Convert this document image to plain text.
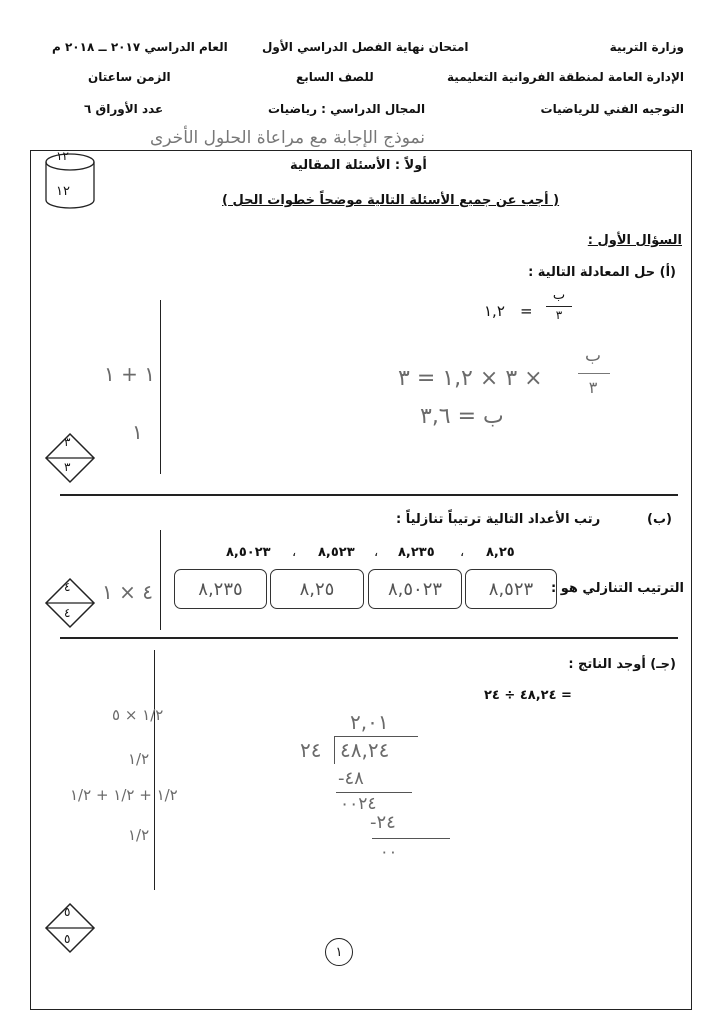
وزارة التربية
امتحان نهاية الفصل الدراسي الأول
العام الدراسي ٢٠١٧ ــ ٢٠١٨ م
الإدارة العامة لمنطقة الفروانية التعليمية
للصف السابع
الزمن ساعتان
التوجيه الفني للرياضيات
المجال الدراسي : رياضيات
عدد الأوراق ٦
نموذج الإجابة مع مراعاة الحلول الأخرى
أولاً : الأسئلة المقالية
( أجب عن جميع الأسئلة التالية موضحاً خطوات الحل )
١٢
١٢
السؤال الأول :
(أ) حل المعادلة التالية :
١,٢ =
ب
٣
٣ × ١,٢ = ٣ ×
ب
٣
ب = ٣,٦
١ + ١
١
٣
٣
(ب)
رتب الأعداد التالية ترتيباً تنازلياً :
٨,٢٥
،
٨,٢٣٥
،
٨,٥٢٣
،
٨,٥٠٢٣
الترتيب التنازلي هو :
٨,٥٢٣
٨,٥٠٢٣
٨,٢٥
٨,٢٣٥
٤ × ١
٤
٤
(جـ) أوجد الناتج :
٤٨,٢٤ ÷ ٢٤ =
٢,٠١
٢٤ ٤٨,٢٤
-٤٨
٠٠٢٤
-٢٤
٠٠
١/٢ × ٥
١/٢
١/٢ + ١/٢ + ١/٢
١/٢
٥
٥
١
